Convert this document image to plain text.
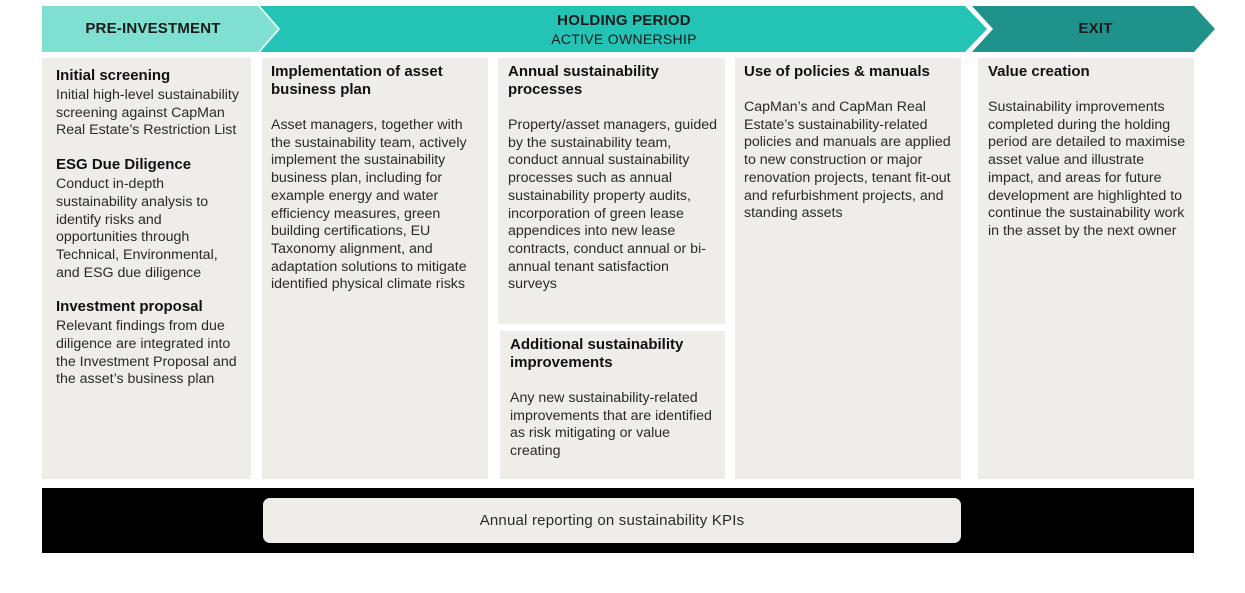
PRE-INVESTMENT	HOLDING PERIOD
ACTIVE OWNERSHIP
EXIT
Initial screening

Initial high-level sustainability screening against CapMan Real Estate’s Restriction List

ESG Due Diligence

Conduct in-depth sustainability analysis to identify risks and opportunities through Technical, Environmental, and ESG due diligence

Investment proposal

Relevant findings from due diligence are integrated into the Investment Proposal and the asset’s business plan

Implementation of asset business plan

Asset managers, together with the sustainability team, actively implement the sustainability business plan, including for example energy and water efficiency measures, green building certifications, EU Taxonomy alignment, and adaptation solutions to mitigate identified physical climate risks

Annual sustainability processes

Property/asset managers, guided by the sustainability team, conduct annual sustainability processes such as annual sustainability property audits, incorporation of green lease appendices into new lease contracts, conduct annual or bi-annual tenant satisfaction surveys

Additional sustainability improvements

Any new sustainability-related improvements that are identified as risk mitigating or value creating

Use of policies & manuals

CapMan’s and CapMan Real Estate’s sustainability-related policies and manuals are applied to new construction or major renovation projects, tenant fit-out and refurbishment projects, and standing assets

Value creation

Sustainability improvements completed during the holding period are detailed to maximise asset value and illustrate impact, and areas for future development are highlighted to continue the sustainability work in the asset by the next owner

Annual reporting on sustainability KPIs
